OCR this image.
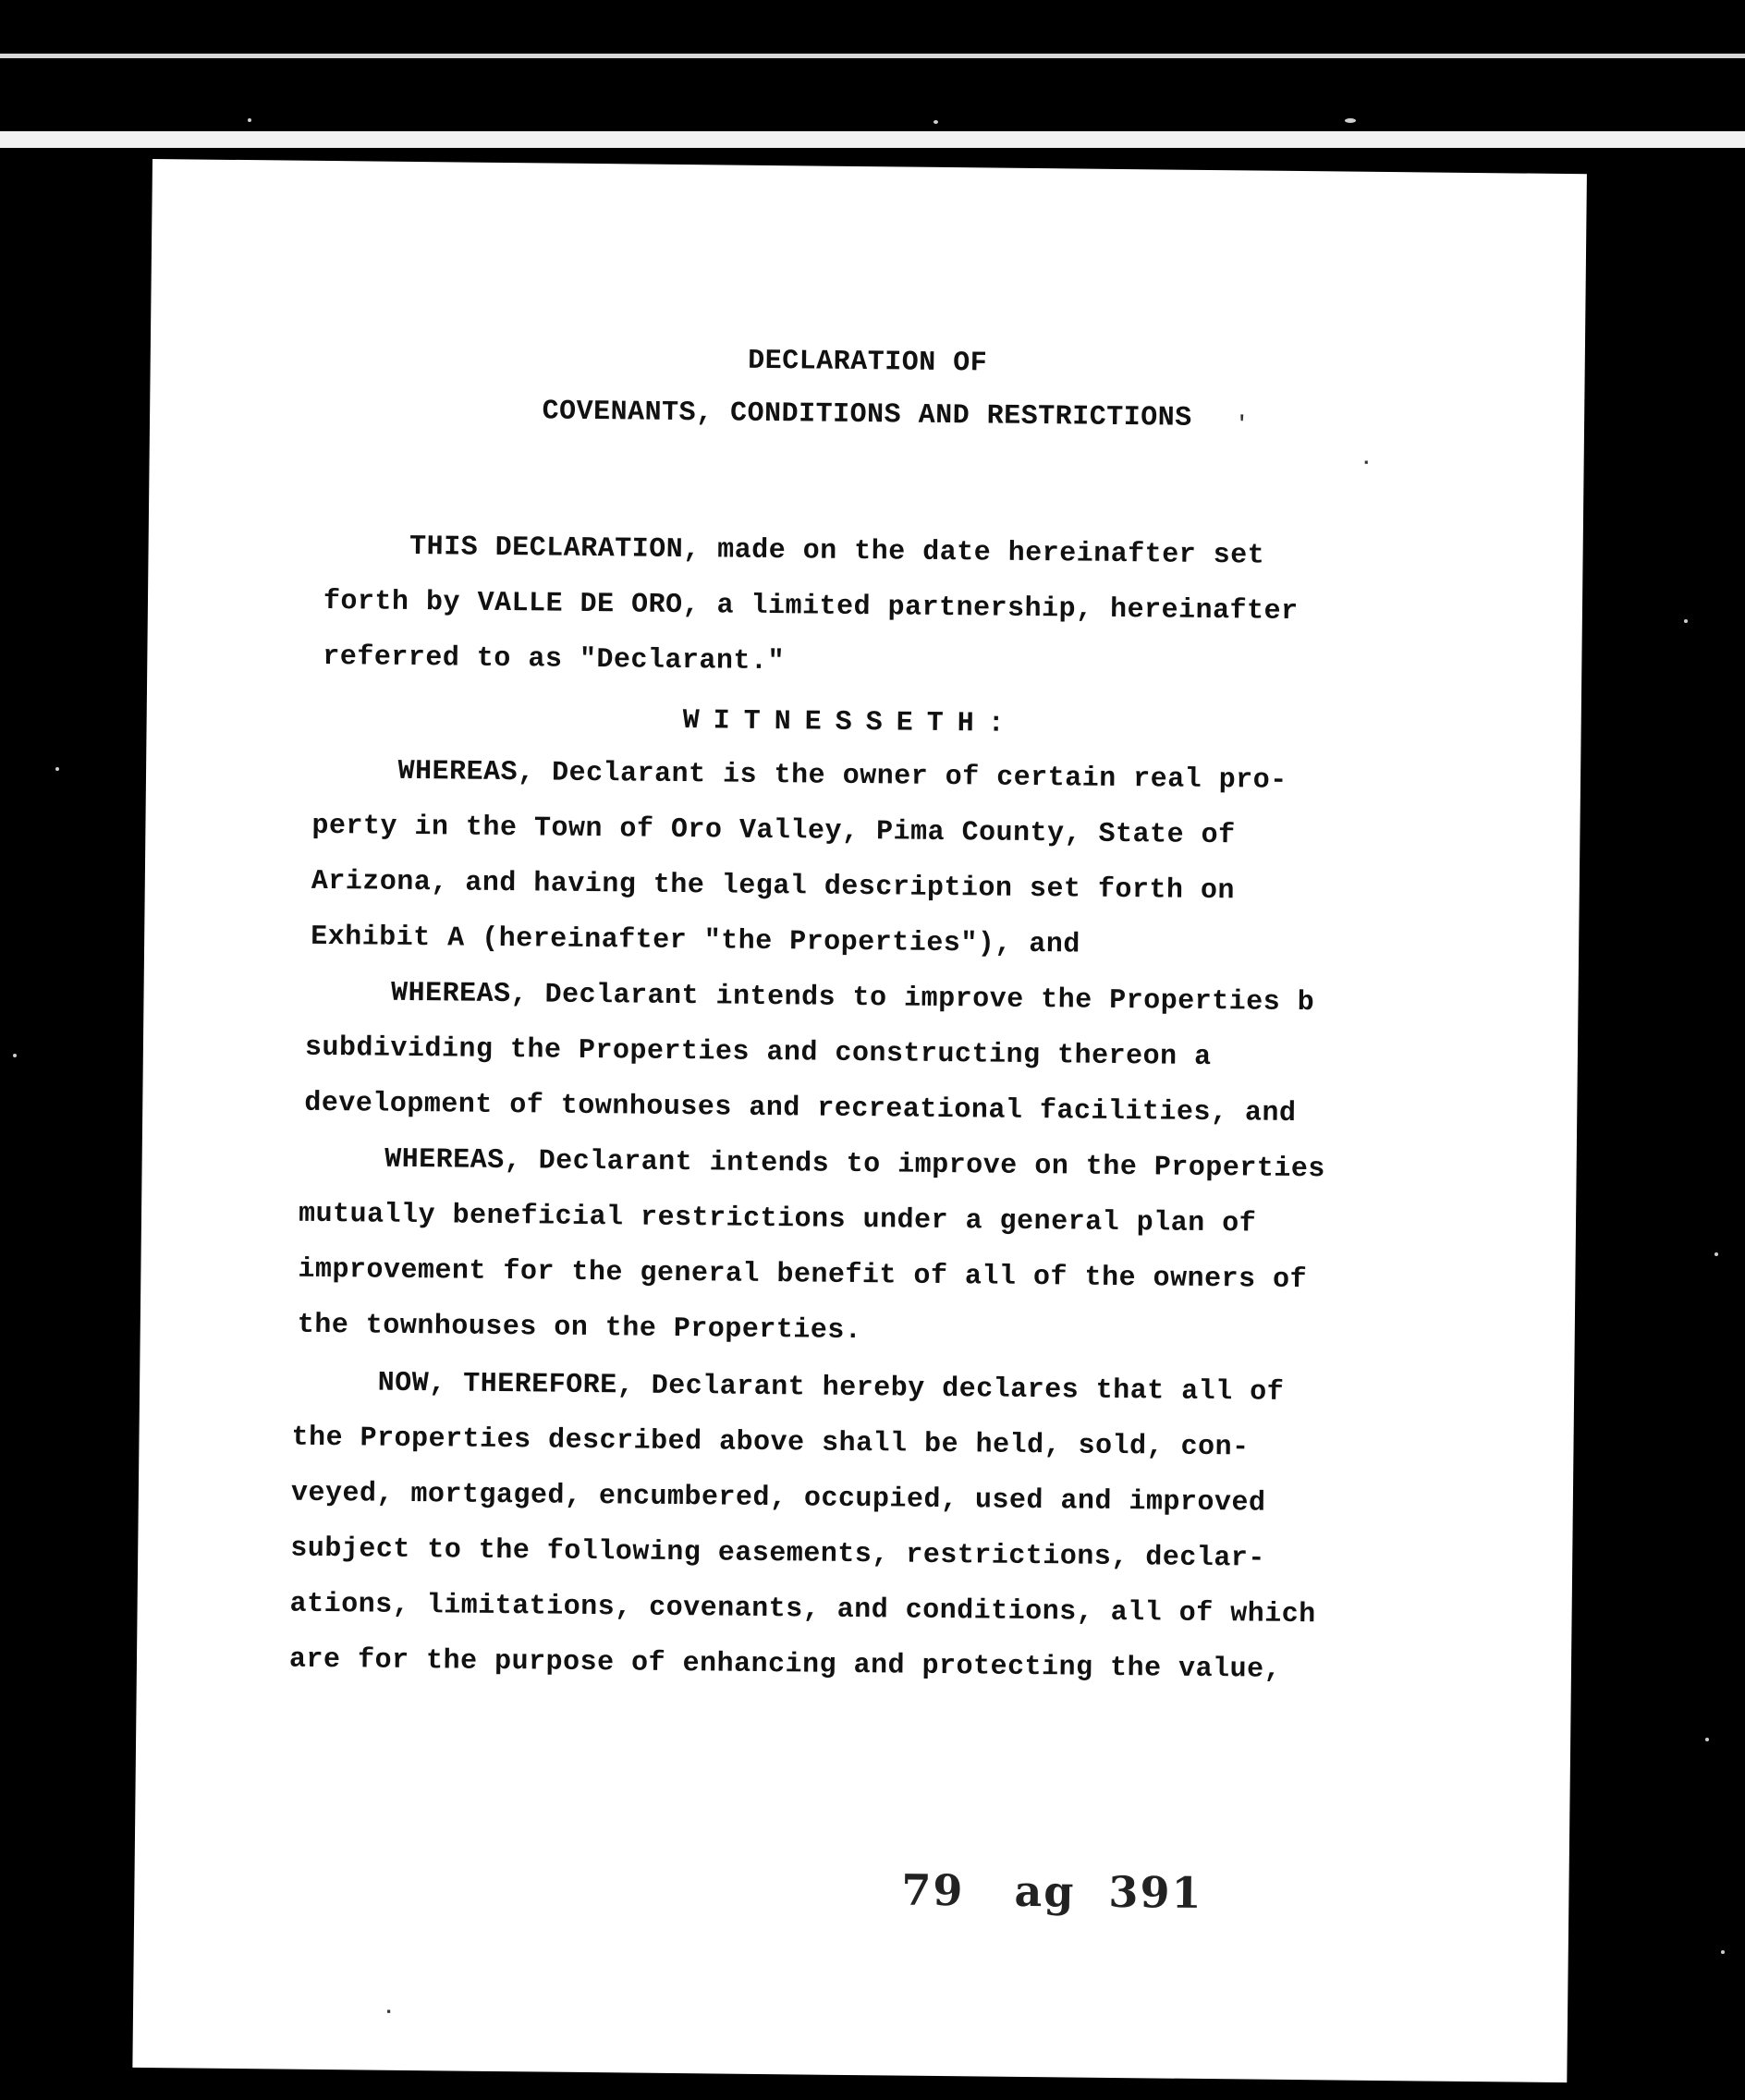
DECLARATION OF
COVENANTS, CONDITIONS AND RESTRICTIONS	'
.
THIS DECLARATION, made on the date hereinafter set
forth by VALLE DE ORO, a limited partnership, hereinafter
referred to as "Declarant."
WITNESSETH:
WHEREAS, Declarant is the owner of certain real pro-
perty in the Town of Oro Valley, Pima County, State of
Arizona, and having the legal description set forth on
Exhibit A (hereinafter "the Properties"), and
WHEREAS, Declarant intends to improve the Properties b
subdividing the Properties and constructing thereon a
development of townhouses and recreational facilities, and
WHEREAS, Declarant intends to improve on the Properties
mutually beneficial restrictions under a general plan of
improvement for the general benefit of all of the owners of
the townhouses on the Properties.
NOW, THEREFORE, Declarant hereby declares that all of
the Properties described above shall be held, sold, con-
veyed, mortgaged, encumbered, occupied, used and improved
subject to the following easements, restrictions, declar-
ations, limitations, covenants, and conditions, all of which
are for the purpose of enhancing and protecting the value,
79   ag  391
.
